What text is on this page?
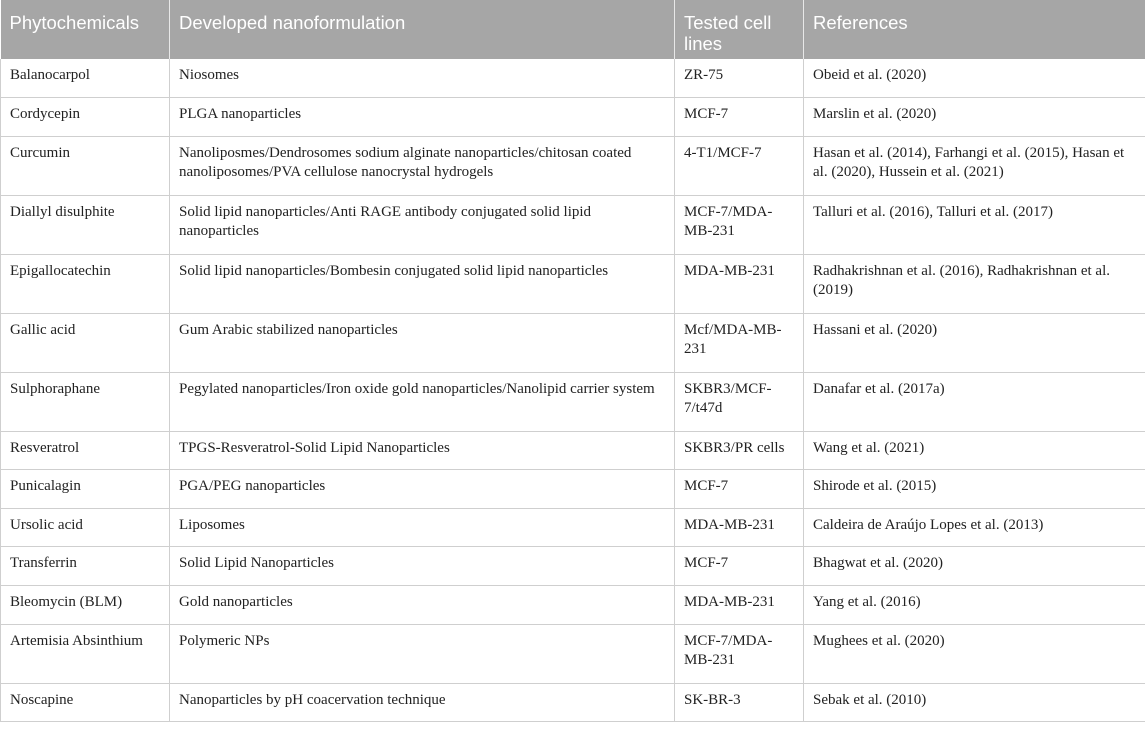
Phytochemicals	Developed nanoformulation	Tested cell lines	References
Balanocarpol	Niosomes	ZR-75	Obeid et al. (2020)
Cordycepin	PLGA nanoparticles	MCF-7	Marslin et al. (2020)
Curcumin	Nanoliposmes/Dendrosomes sodium alginate nanoparticles/chitosan coated nanoliposomes/PVA cellulose nanocrystal hydrogels	4-T1/MCF-7	Hasan et al. (2014), Farhangi et al. (2015), Hasan et al. (2020), Hussein et al. (2021)
Diallyl disulphite	Solid lipid nanoparticles/Anti RAGE antibody conjugated solid lipid nanoparticles	MCF-7/MDA-MB-231	Talluri et al. (2016), Talluri et al. (2017)
Epigallocatechin	Solid lipid nanoparticles/Bombesin conjugated solid lipid nanoparticles	MDA-MB-231	Radhakrishnan et al. (2016), Radhakrishnan et al. (2019)
Gallic acid	Gum Arabic stabilized nanoparticles	Mcf/MDA-MB-231	Hassani et al. (2020)
Sulphoraphane	Pegylated nanoparticles/Iron oxide gold nanoparticles/Nanolipid carrier system	SKBR3/MCF-7/t47d	Danafar et al. (2017a)
Resveratrol	TPGS-Resveratrol-Solid Lipid Nanoparticles	SKBR3/PR cells	Wang et al. (2021)
Punicalagin	PGA/PEG nanoparticles	MCF-7	Shirode et al. (2015)
Ursolic acid	Liposomes	MDA-MB-231	Caldeira de Araújo Lopes et al. (2013)
Transferrin	Solid Lipid Nanoparticles	MCF-7	Bhagwat et al. (2020)
Bleomycin (BLM)	Gold nanoparticles	MDA-MB-231	Yang et al. (2016)
Artemisia Absinthium	Polymeric NPs	MCF-7/MDA-MB-231	Mughees et al. (2020)
Noscapine	Nanoparticles by pH coacervation technique	SK-BR-3	Sebak et al. (2010)
